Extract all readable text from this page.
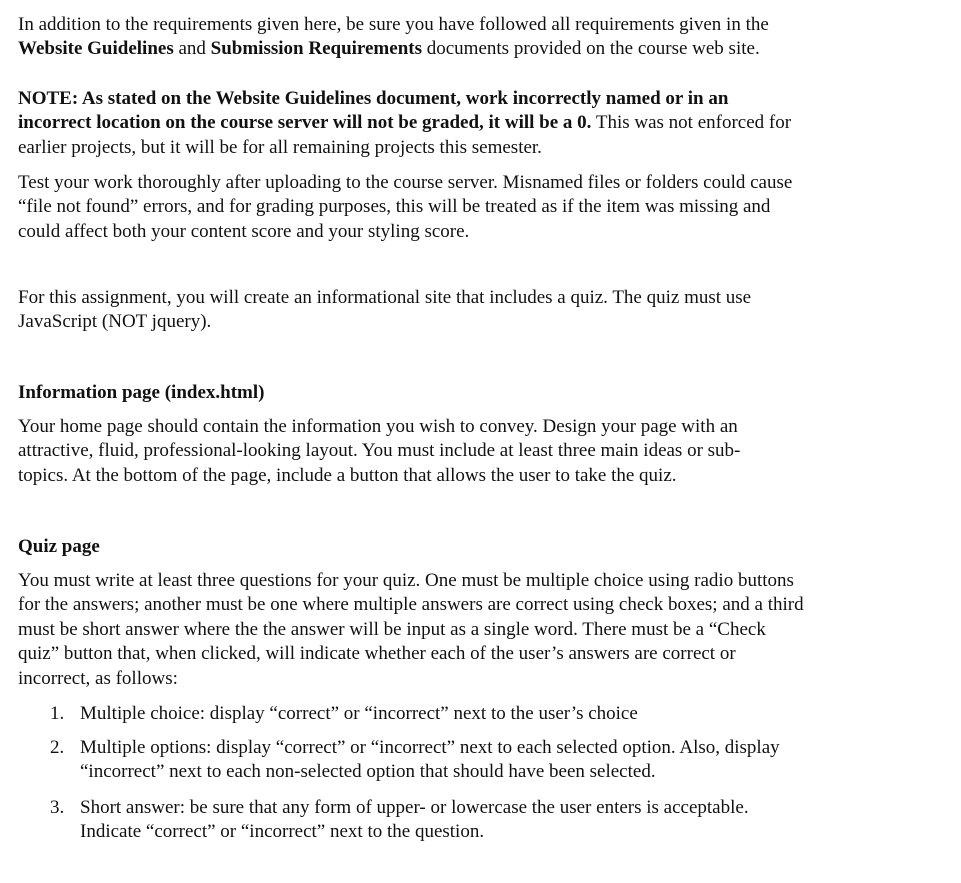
In addition to the requirements given here, be sure you have followed all requirements given in the
Website Guidelines and Submission Requirements documents provided on the course web site.
NOTE: As stated on the Website Guidelines document, work incorrectly named or in an
incorrect location on the course server will not be graded, it will be a 0. This was not enforced for
earlier projects, but it will be for all remaining projects this semester.
Test your work thoroughly after uploading to the course server. Misnamed files or folders could cause
“file not found” errors, and for grading purposes, this will be treated as if the item was missing and
could affect both your content score and your styling score.
For this assignment, you will create an informational site that includes a quiz. The quiz must use
JavaScript (NOT jquery).
Information page (index.html)
Your home page should contain the information you wish to convey. Design your page with an
attractive, fluid, professional-looking layout. You must include at least three main ideas or sub-
topics. At the bottom of the page, include a button that allows the user to take the quiz.
Quiz page
You must write at least three questions for your quiz. One must be multiple choice using radio buttons
for the answers; another must be one where multiple answers are correct using check boxes; and a third
must be short answer where the the answer will be input as a single word. There must be a “Check
quiz” button that, when clicked, will indicate whether each of the user’s answers are correct or
incorrect, as follows:
1. Multiple choice: display “correct” or “incorrect” next to the user’s choice
2. Multiple options: display “correct” or “incorrect” next to each selected option. Also, display
“incorrect” next to each non-selected option that should have been selected.
3. Short answer: be sure that any form of upper- or lowercase the user enters is acceptable.
Indicate “correct” or “incorrect” next to the question.
